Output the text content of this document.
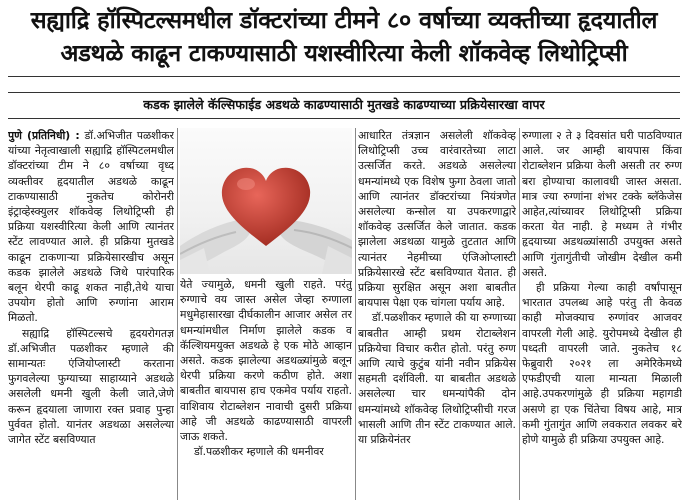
सह्याद्रि हॉस्पिटल्समधील डॉक्टरांच्या टीमने ८० वर्षाच्या व्यक्तीच्या हृदयातील
अडथळे काढून टाकण्यासाठी यशस्वीरित्या केली शॉकवेव्ह लिथोट्रिप्सी
कडक झालेले कॅल्सिफाईड अडथळे काढण्यासाठी मुतखडे काढण्याच्या प्रक्रियेसारखा वापर

पुणे (प्रतिनिधी) : डॉ.अभिजीत पळशीकर यांच्या नेतृत्वाखाली सह्याद्रि हॉस्पिटलमधील डॉक्टरांच्या टीम ने ८० वर्षाच्या वृध्द व्यक्तीवर हृदयातील अडथळे काढून टाकण्यासाठी नुकतेच कोरोनरी इंट्राव्हेस्क्युलर शॉकवेव्ह लिथोट्रिप्सी ही प्रक्रिया यशस्वीरित्या केली आणि त्यानंतर स्टेंट लावण्यात आले. ही प्रक्रिया मुतखडे काढून टाकणार्‍या प्रक्रियेसारखीच असून कडक झालेले अडथळे जिथे पारंपारिक बलून थेरपी काढू शकत नाही,तेथे याचा उपयोग होतो आणि रुग्णांना आराम मिळतो.

सह्याद्रि हॉस्पिटल्सचे हृदयरोगतज्ञ डॉ.अभिजीत पळशीकर म्हणाले की सामान्यतः एंजियोप्लास्टी करताना फुगवलेल्या फुग्याच्या साहाय्याने अडथळे असलेली धमनी खुली केली जाते,जेणे करून हृदयाला जाणारा रक्त प्रवाह पुन्हा पुर्ववत होतो. यानंतर अडथळा असलेल्या जागेत स्टेंट बसविण्यात

येते ज्यामुळे, धमनी खुली राहते. परंतु रुग्णाचे वय जास्त असेल जेव्हा रुग्णाला मधुमेहासारखा दीर्घकालीन आजार असेल तर धमन्यांमधील निर्माण झालेले कडक व कॅल्शियमयुक्त अडथळे हे एक मोठे आव्हान असते. कडक झालेल्या अडथळ्यांमुळे बलून थेरपी प्रक्रिया करणे कठीण होते. अशा बाबतीत बायपास हाच एकमेव पर्याय राहतो. वाशिवाय रोटाब्लेशन नावाची दुसरी प्रक्रिया आहे जी अडथळे काढण्यासाठी वापरली जाऊ शकते.

डॉ.पळशीकर म्हणाले की धमनीवर

आधारित तंत्रज्ञान असलेली शॉकवेव्ह लिथोट्रिप्सी उच्च वारंवारतेच्या लाटा उत्सर्जित करते. अडथळे असलेल्या धमन्यांमध्ये एक विशेष फुगा ठेवला जातो आणि त्यानंतर डॉक्टरांच्या नियंत्रणेत असलेल्या कन्सोल या उपकरणाद्वारे शॉकवेव्ह उत्सर्जित केले जातात. कडक झालेला अडथळा यामुळे तुटतात आणि त्यानंतर नेहमीच्या एंजिओप्लास्टी प्रक्रियेसारखे स्टेंट बसविण्यात येतात. ही प्रक्रिया सुरक्षित असून अशा बाबतीत बायपास पेक्षा एक चांगला पर्याय आहे.

डॉ.पळशीकर म्हणाले की या रुग्णाच्या बाबतीत आम्ही प्रथम रोटाब्लेशन प्रक्रियेचा विचार करीत होतो. परंतु रुग्ण आणि त्याचे कुटुंब यांनी नवीन प्रक्रियेस सहमती दर्शविली. या बाबतीत अडथळे असलेल्या चार धमन्यांपैकी दोन धमन्यांमध्ये शॉकवेव्ह लिथोट्रिप्सीची गरज भासली आणि तीन स्टेंट टाकण्यात आले. या प्रक्रियेनंतर

रुग्णाला २ ते ३ दिवसांत घरी पाठविण्यात आले. जर आम्ही बायपास किंवा रोटाब्लेशन प्रक्रिया केली असती तर रुग्ण बरा होण्याचा कालावधी जास्त असता. मात्र ज्या रुग्णांना शंभर टक्के ब्लॅकेजेस आहेत,त्यांच्यावर लिथोट्रिप्सी प्रक्रिया करता येत नाही. हे मध्यम ते गंभीर हृदयाच्या अडथळ्यांसाठी उपयुक्त असते आणि गुंतागुंतीची जोखीम देखील कमी असते.

ही प्रक्रिया गेल्या काही वर्षांपासून भारतात उपलब्ध आहे परंतु ती केवळ काही मोजक्याच रुग्णांवर आजवर वापरली गेली आहे. युरोपमध्ये देखील ही पध्दती वापरली जाते. नुकतेच १८ फेब्रुवारी २०२१ ला अमेरिकेमध्ये एफडीएची याला मान्यता मिळाली आहे.उपकरणांमुळे ही प्रक्रिया महागडी असणे हा एक चिंतेचा विषय आहे, मात्र कमी गुंतागुंत आणि लवकरात लवकर बरे होणे यामुळे ही प्रक्रिया उपयुक्त आहे.
